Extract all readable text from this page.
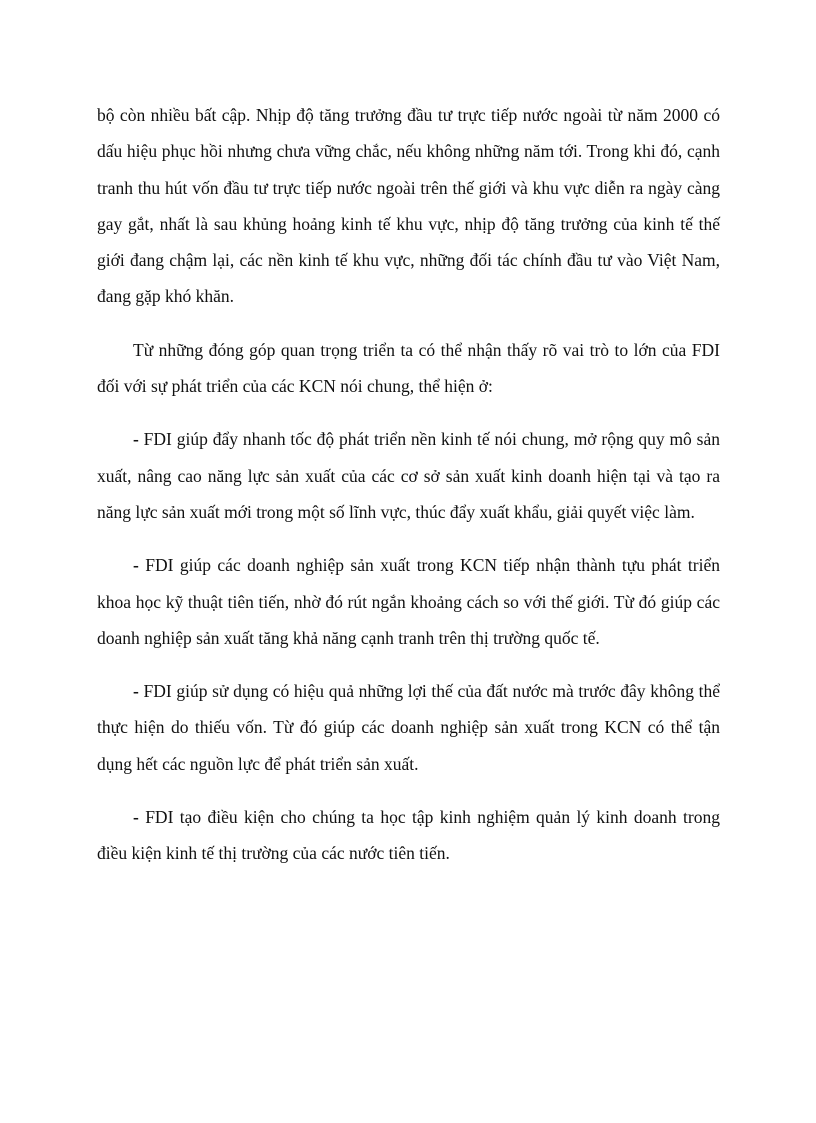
bộ còn nhiều bất cập. Nhịp độ tăng trưởng đầu tư trực tiếp nước ngoài từ năm 2000 có dấu hiệu phục hồi nhưng chưa vững chắc, nếu không những năm tới. Trong khi đó, cạnh tranh thu hút vốn đầu tư trực tiếp nước ngoài trên thế giới và khu vực diễn ra ngày càng gay gắt, nhất là sau khủng hoảng kinh tế khu vực, nhịp độ tăng trưởng của kinh tế thế giới đang chậm lại, các nền kinh tế khu vực, những đối tác chính đầu tư vào Việt Nam, đang gặp khó khăn.

Từ những đóng góp quan trọng triển ta có thể nhận thấy rõ vai trò to lớn của FDI đối với sự phát triển của các KCN nói chung, thể hiện ở:

- FDI giúp đẩy nhanh tốc độ phát triển nền kinh tế nói chung, mở rộng quy mô sản xuất, nâng cao năng lực sản xuất của các cơ sở sản xuất kinh doanh hiện tại và tạo ra năng lực sản xuất mới trong một số lĩnh vực, thúc đẩy xuất khẩu, giải quyết việc làm.

- FDI giúp các doanh nghiệp sản xuất trong KCN tiếp nhận thành tựu phát triển khoa học kỹ thuật tiên tiến, nhờ đó rút ngắn khoảng cách so với thế giới. Từ đó giúp các doanh nghiệp sản xuất tăng khả năng cạnh tranh trên thị trường quốc tế.

- FDI giúp sử dụng có hiệu quả những lợi thế của đất nước mà trước đây không thể thực hiện do thiếu vốn. Từ đó giúp các doanh nghiệp sản xuất trong KCN có thể tận dụng hết các nguồn lực để phát triển sản xuất.

- FDI tạo điều kiện cho chúng ta học tập kinh nghiệm quản lý kinh doanh trong điều kiện kinh tế thị trường của các nước tiên tiến.
